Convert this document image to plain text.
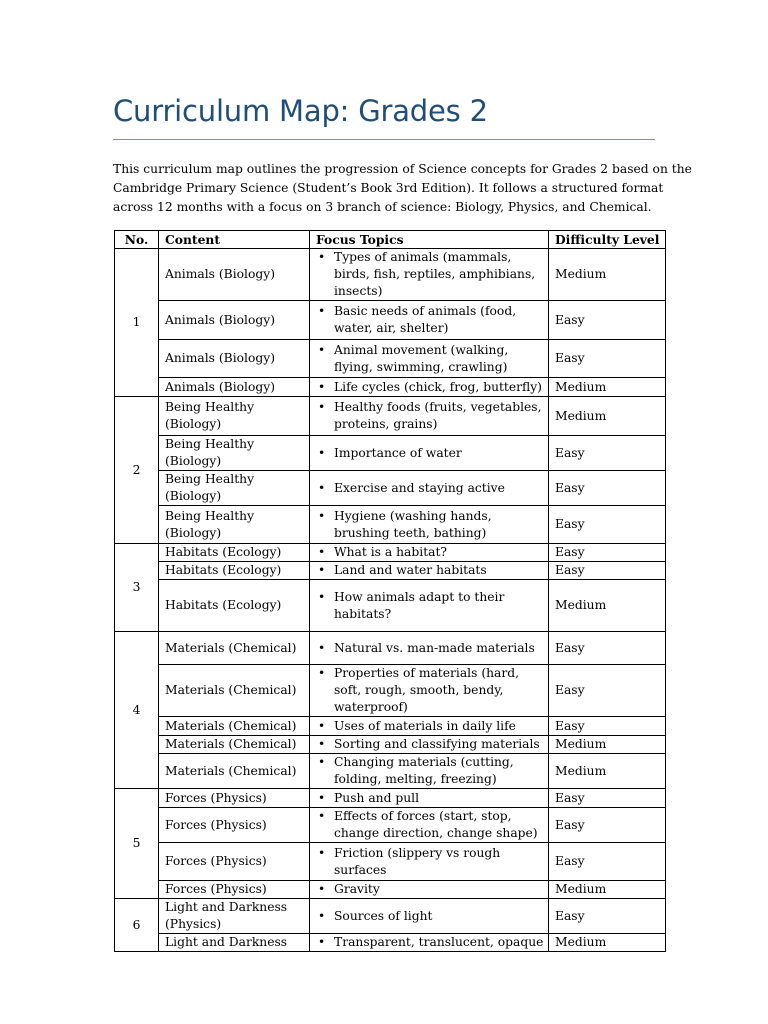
Curriculum Map: Grades 2

This curriculum map outlines the progression of Science concepts for Grades 2 based on the
Cambridge Primary Science (Student’s Book 3rd Edition). It follows a structured format
across 12 months with a focus on 3 branch of science: Biology, Physics, and Chemical.

No.	Content	Focus Topics	Difficulty Level
1	Animals (Biology)	• Types of animals (mammals, birds, fish, reptiles, amphibians, insects)	Medium
	Animals (Biology)	• Basic needs of animals (food, water, air, shelter)	Easy
	Animals (Biology)	• Animal movement (walking, flying, swimming, crawling)	Easy
	Animals (Biology)	• Life cycles (chick, frog, butterfly)	Medium
2	Being Healthy (Biology)	• Healthy foods (fruits, vegetables, proteins, grains)	Medium
	Being Healthy (Biology)	• Importance of water	Easy
	Being Healthy (Biology)	• Exercise and staying active	Easy
	Being Healthy (Biology)	• Hygiene (washing hands, brushing teeth, bathing)	Easy
3	Habitats (Ecology)	• What is a habitat?	Easy
	Habitats (Ecology)	• Land and water habitats	Easy
	Habitats (Ecology)	• How animals adapt to their habitats?	Medium
4	Materials (Chemical)	• Natural vs. man-made materials	Easy
	Materials (Chemical)	• Properties of materials (hard, soft, rough, smooth, bendy, waterproof)	Easy
	Materials (Chemical)	• Uses of materials in daily life	Easy
	Materials (Chemical)	• Sorting and classifying materials	Medium
	Materials (Chemical)	• Changing materials (cutting, folding, melting, freezing)	Medium
5	Forces (Physics)	• Push and pull	Easy
	Forces (Physics)	• Effects of forces (start, stop, change direction, change shape)	Easy
	Forces (Physics)	• Friction (slippery vs rough surfaces	Easy
	Forces (Physics)	• Gravity	Medium
6	Light and Darkness (Physics)	• Sources of light	Easy
	Light and Darkness	• Transparent, translucent, opaque	Medium
